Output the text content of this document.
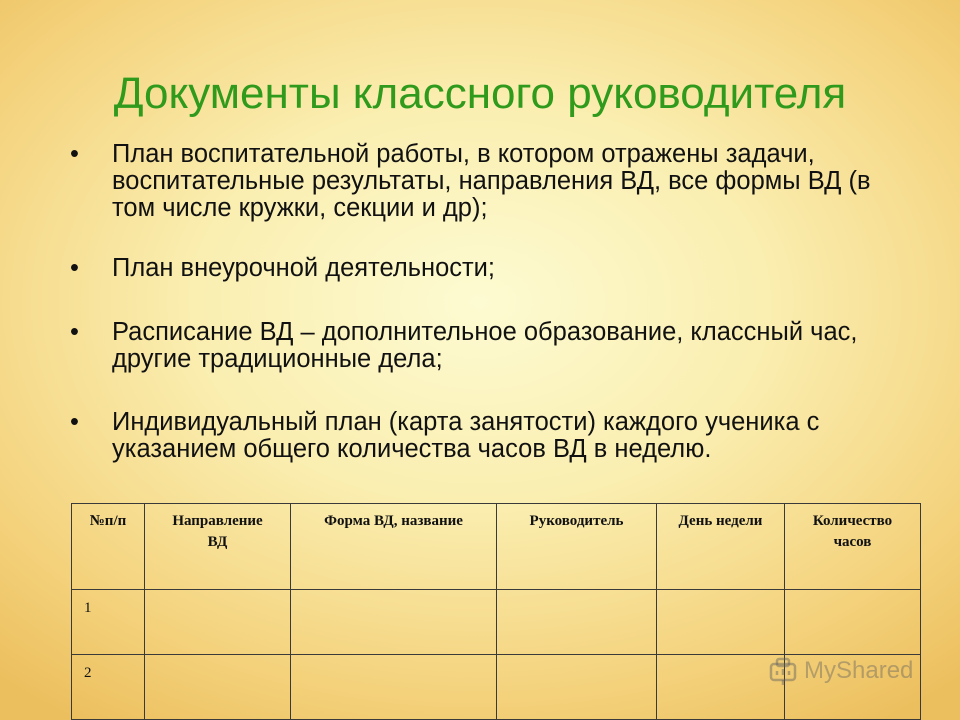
Документы классного руководителя
•	План воспитательной работы, в котором отражены задачи, воспитательные результаты, направления ВД, все формы ВД (в том числе кружки, секции и др);
•	План внеурочной деятельности;
•	Расписание ВД – дополнительное образование, классный час, другие традиционные дела;
•	Индивидуальный план (карта занятости) каждого ученика с указанием общего количества часов ВД в неделю.
№п/п	Направление ВД	Форма ВД, название	Руководитель	День недели	Количество часов
1					
2						MyShared
